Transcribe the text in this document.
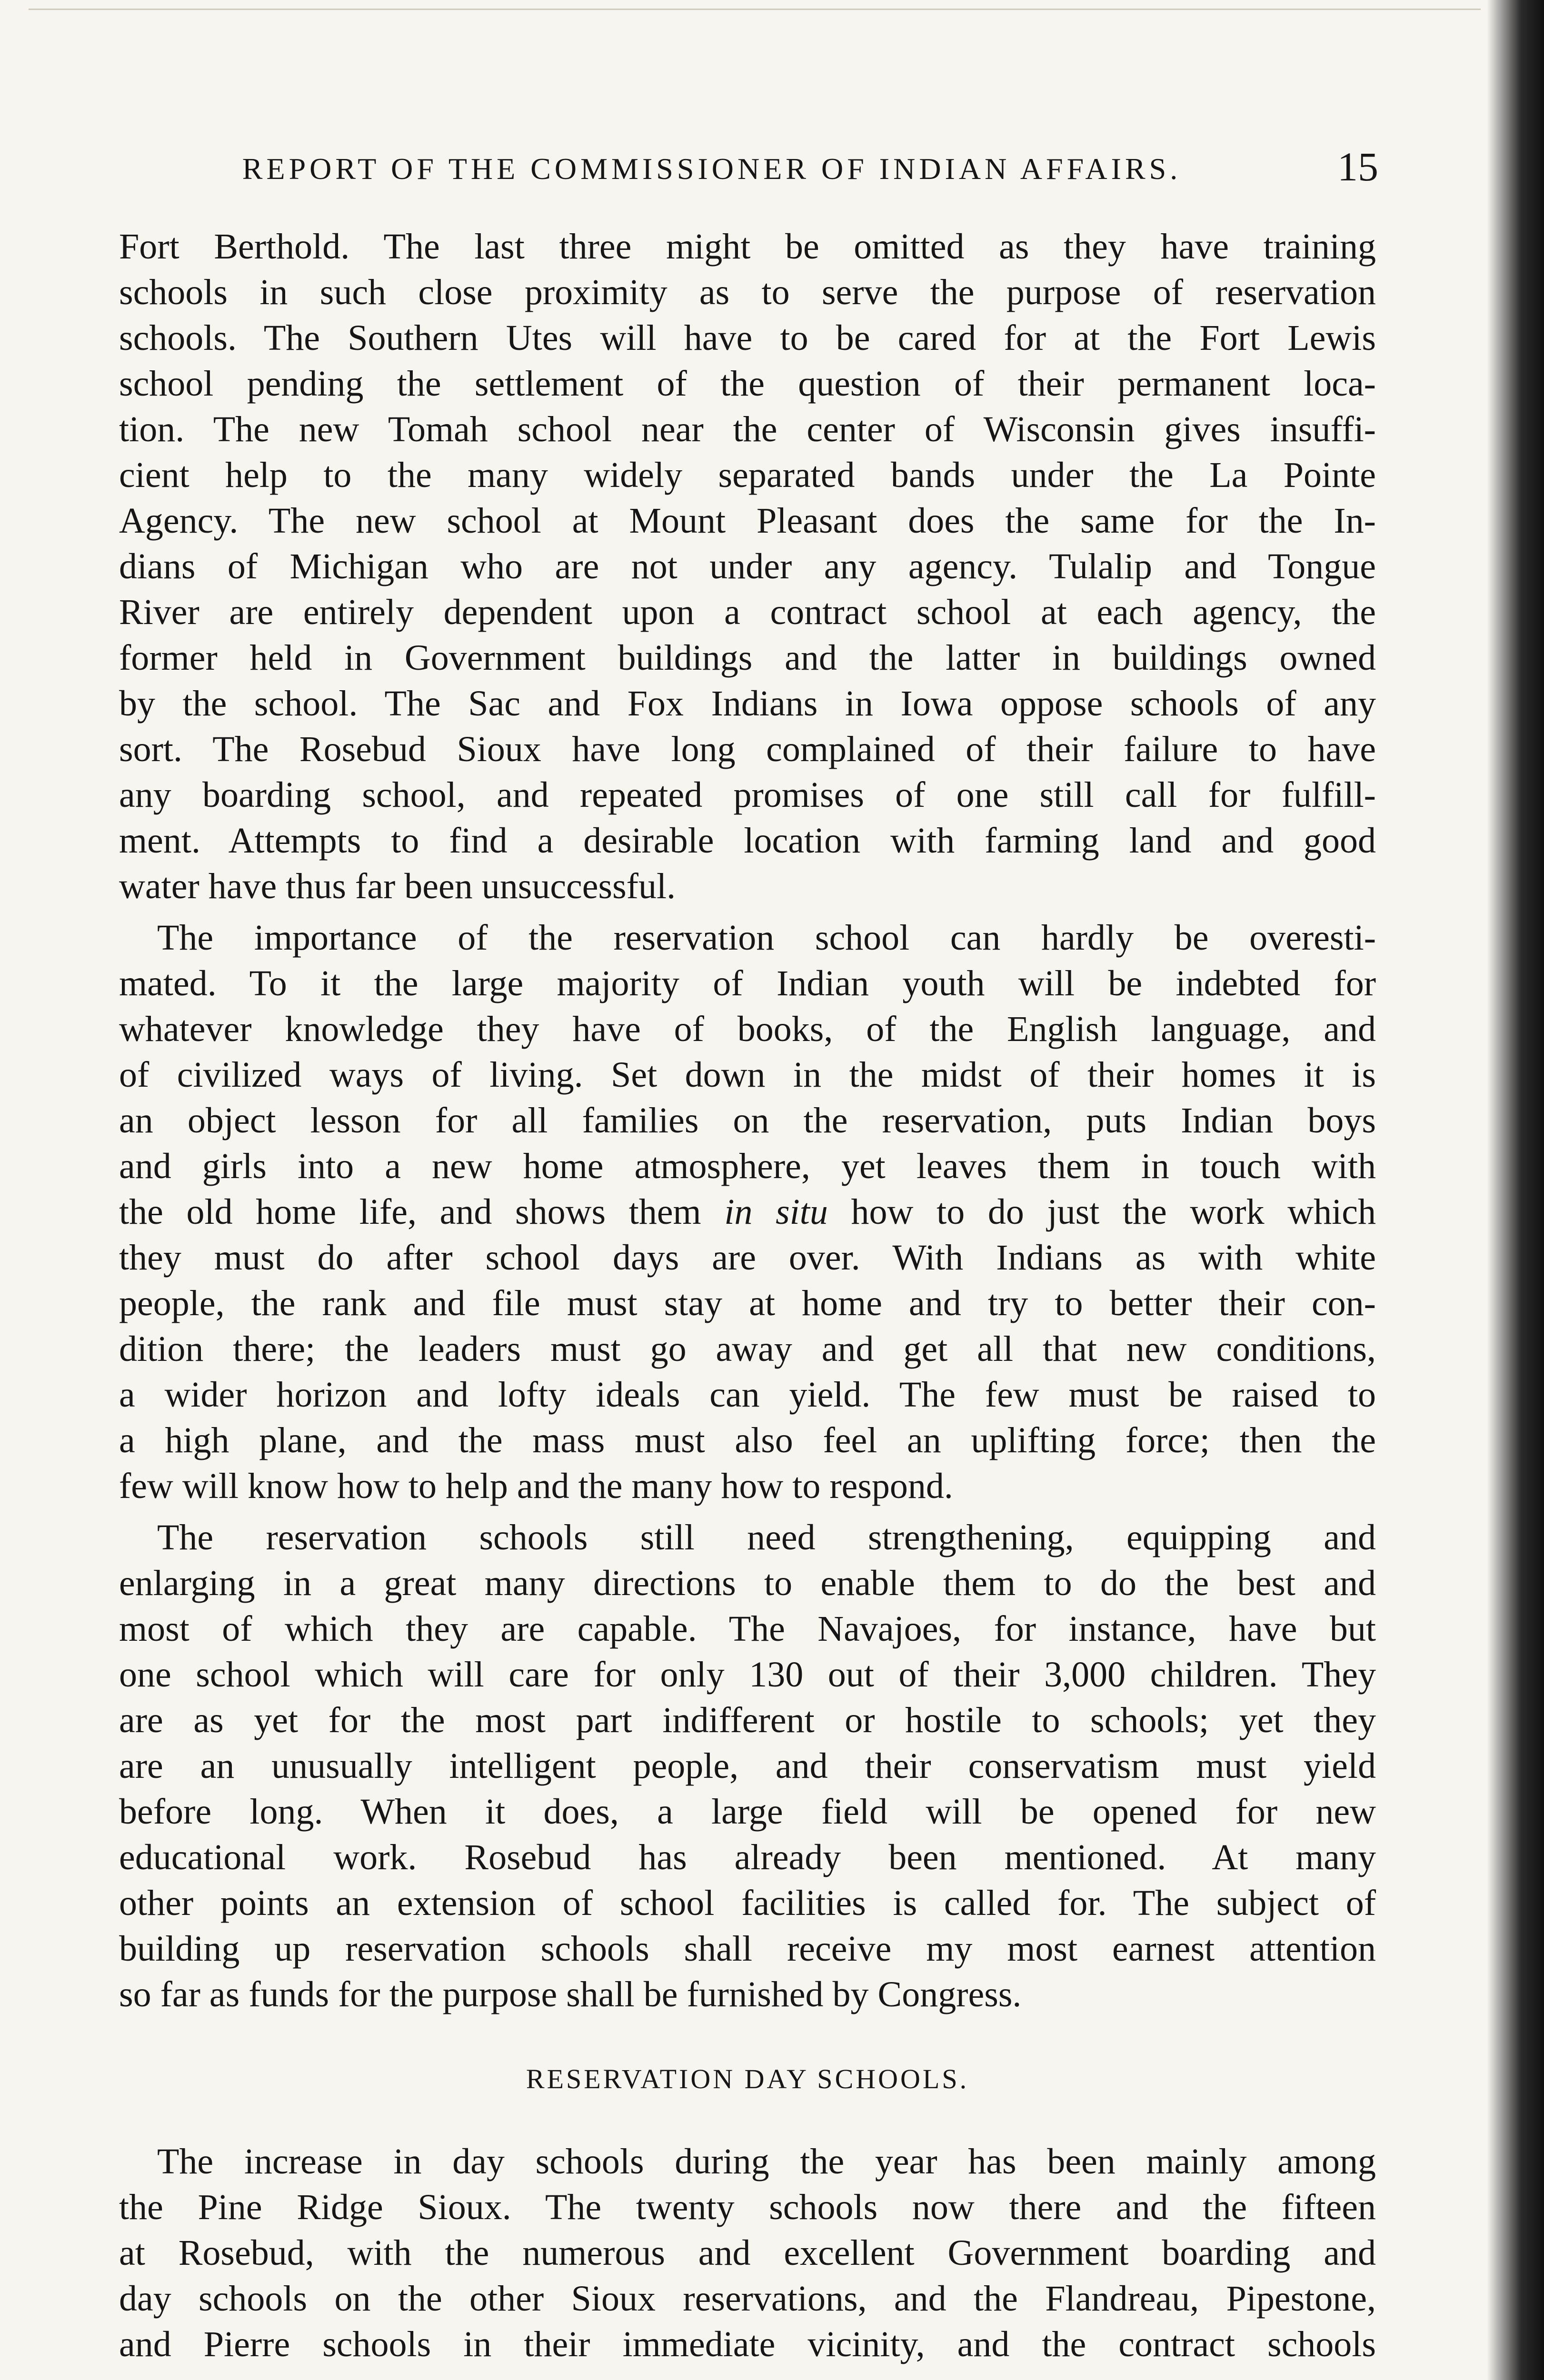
REPORT OF THE COMMISSIONER OF INDIAN AFFAIRS.	15
Fort Berthold. The last three might be omitted as they have training
schools in such close proximity as to serve the purpose of reservation
schools. The Southern Utes will have to be cared for at the Fort Lewis
school pending the settlement of the question of their permanent loca-
tion. The new Tomah school near the center of Wisconsin gives insuffi-
cient help to the many widely separated bands under the La Pointe
Agency. The new school at Mount Pleasant does the same for the In-
dians of Michigan who are not under any agency. Tulalip and Tongue
River are entirely dependent upon a contract school at each agency, the
former held in Government buildings and the latter in buildings owned
by the school. The Sac and Fox Indians in Iowa oppose schools of any
sort. The Rosebud Sioux have long complained of their failure to have
any boarding school, and repeated promises of one still call for fulfill-
ment. Attempts to find a desirable location with farming land and good
water have thus far been unsuccessful.
The importance of the reservation school can hardly be overesti-
mated. To it the large majority of Indian youth will be indebted for
whatever knowledge they have of books, of the English language, and
of civilized ways of living. Set down in the midst of their homes it is
an object lesson for all families on the reservation, puts Indian boys
and girls into a new home atmosphere, yet leaves them in touch with
the old home life, and shows them in situ how to do just the work which
they must do after school days are over. With Indians as with white
people, the rank and file must stay at home and try to better their con-
dition there; the leaders must go away and get all that new conditions,
a wider horizon and lofty ideals can yield. The few must be raised to
a high plane, and the mass must also feel an uplifting force; then the
few will know how to help and the many how to respond.
The reservation schools still need strengthening, equipping and
enlarging in a great many directions to enable them to do the best and
most of which they are capable. The Navajoes, for instance, have but
one school which will care for only 130 out of their 3,000 children. They
are as yet for the most part indifferent or hostile to schools; yet they
are an unusually intelligent people, and their conservatism must yield
before long. When it does, a large field will be opened for new
educational work. Rosebud has already been mentioned. At many
other points an extension of school facilities is called for. The subject of
building up reservation schools shall receive my most earnest attention
so far as funds for the purpose shall be furnished by Congress.
RESERVATION DAY SCHOOLS.
The increase in day schools during the year has been mainly among
the Pine Ridge Sioux. The twenty schools now there and the fifteen
at Rosebud, with the numerous and excellent Government boarding and
day schools on the other Sioux reservations, and the Flandreau, Pipestone,
and Pierre schools in their immediate vicinity, and the contract schools
